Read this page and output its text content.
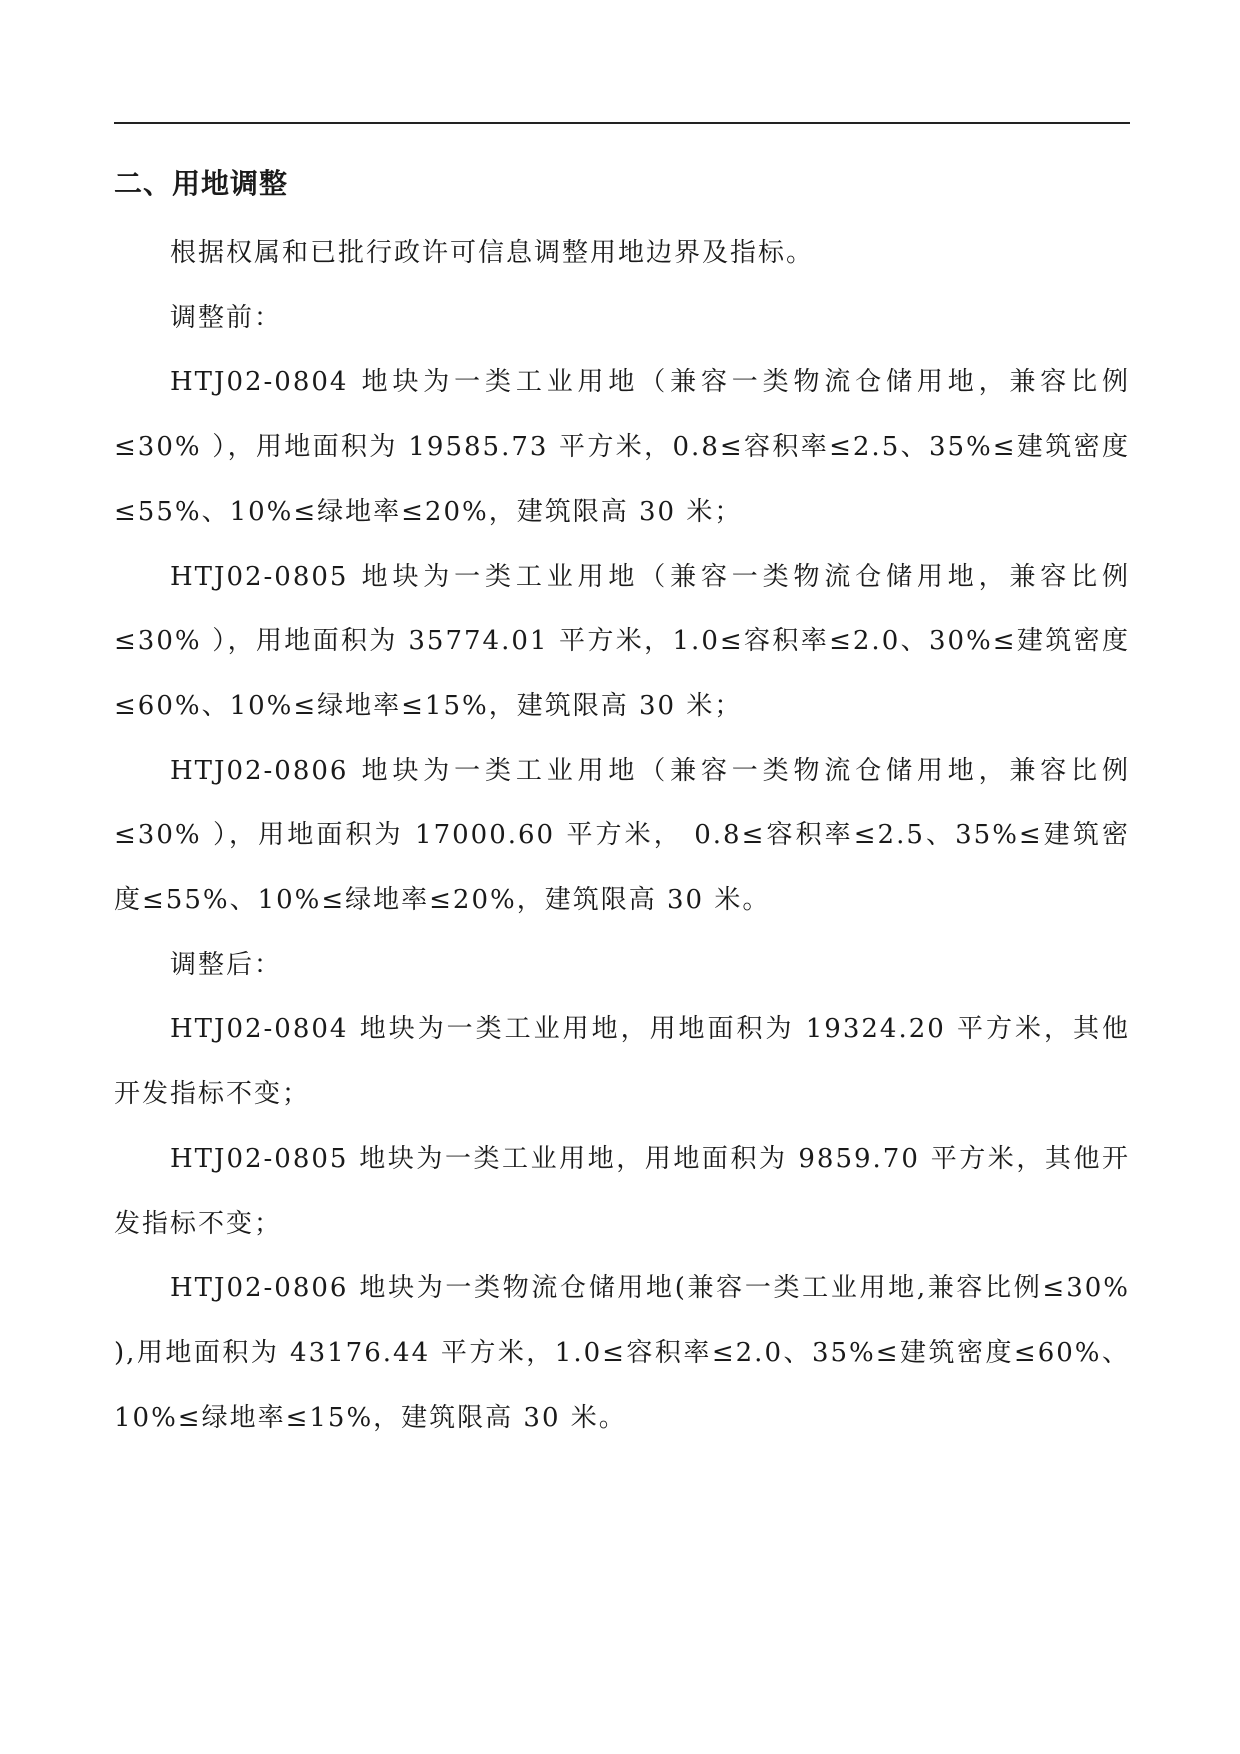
二、用地调整

根据权属和已批行政许可信息调整用地边界及指标。

调整前：

HTJ02-0804 地块为一类工业用地（兼容一类物流仓储用地，兼容比例≤30% ），用地面积为 19585.73 平方米，0.8≤容积率≤2.5、35%≤建筑密度≤55%、10%≤绿地率≤20%，建筑限高 30 米；

HTJ02-0805 地块为一类工业用地（兼容一类物流仓储用地，兼容比例≤30% ），用地面积为 35774.01 平方米，1.0≤容积率≤2.0、30%≤建筑密度≤60%、10%≤绿地率≤15%，建筑限高 30 米；

HTJ02-0806 地块为一类工业用地（兼容一类物流仓储用地，兼容比例≤30% ），用地面积为 17000.60 平方米， 0.8≤容积率≤2.5、35%≤建筑密度≤55%、10%≤绿地率≤20%，建筑限高 30 米。

调整后：

HTJ02-0804 地块为一类工业用地，用地面积为 19324.20 平方米，其他开发指标不变；

HTJ02-0805 地块为一类工业用地，用地面积为 9859.70 平方米，其他开发指标不变；

HTJ02-0806 地块为一类物流仓储用地(兼容一类工业用地,兼容比例≤30% ),用地面积为 43176.44 平方米，1.0≤容积率≤2.0、35%≤建筑密度≤60%、10%≤绿地率≤15%，建筑限高 30 米。
